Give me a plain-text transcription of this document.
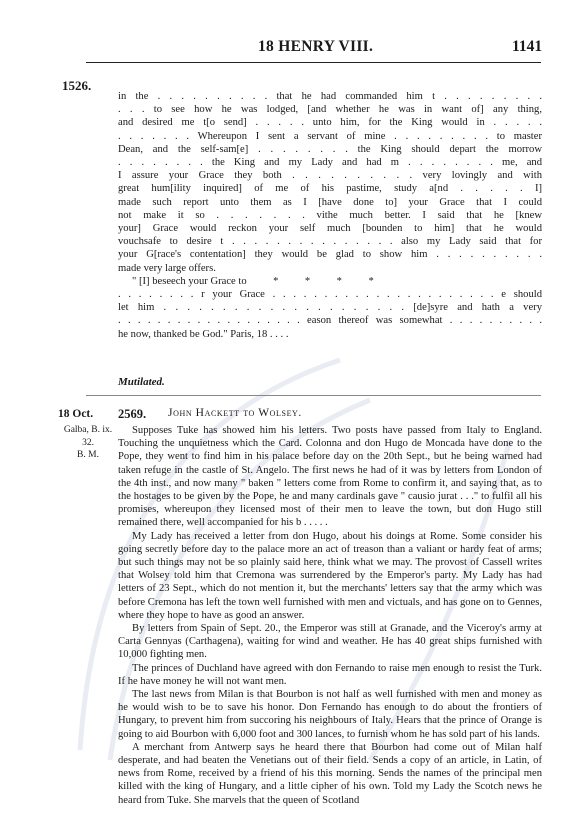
18 HENRY VIII.	1141
1526.

in the . . . . . . . . . . that he had commanded him t . . . . . . . . .

. . . to see how he was lodged, [and whether he was in want of] any thing,

and desired me t[o send] . . . . . unto him, for the King would in . . . . .

. . . . . . . Whereupon I sent a servant of mine . . . . . . . . . to master

Dean, and the self-sam[e] . . . . . . . . the King should depart the morrow

. . . . . . . . the King and my Lady and had m . . . . . . . . me, and

I assure your Grace they both . . . . . . . . . . very lovingly and with

great hum[ility inquired] of me of his pastime, study a[nd . . . . . I]

made such report unto them as I [have done to] your Grace that I could

not make it so . . . . . . . vithe much better. I said that he [knew

your] Grace would reckon your self much [bounden to him] that he would

vouchsafe to desire t . . . . . . . . . . . . . . . also my Lady said that for

your G[race's contentation] they would be glad to show him . . . . . . . . . .

made very large offers.

" [I] beseech your Grace to          *          *          *          *

. . . . . . . . r your Grace . . . . . . . . . . . . . . . . . . . . . . e should

let him . . . . . . . . . . . . . . . . . . . . . [de]syre and hath a very

. . . . . . . . . . . . . . . . . . . eason thereof was somewhat . . . . . . . . . .

he now, thanked be God." Paris, 18 . . . .

Mutilated.
18 Oct.
Galba, B. ix.
32.
B. M.
2569. John Hackett to Wolsey.

Supposes Tuke has showed him his letters. Two posts have passed from Italy to England. Touching the unquietness which the Card. Colonna and don Hugo de Moncada have done to the Pope, they went to find him in his palace before day on the 20th Sept., but he being warned had taken refuge in the castle of St. Angelo. The first news he had of it was by letters from London of the 4th inst., and now many " baken " letters come from Rome to confirm it, and saying that, as to the hostages to be given by the Pope, he and many cardinals gave " causio jurat . . ." to fulfil all his promises, whereupon they licensed most of their men to leave the town, but don Hugo still remained there, well accompanied for his b . . . . .

My Lady has received a letter from don Hugo, about his doings at Rome. Some consider his going secretly before day to the palace more an act of treason than a valiant or hardy feat of arms; but such things may not be so plainly said here, think what we may. The provost of Cassell writes that Wolsey told him that Cremona was surrendered by the Emperor's party. My Lady has had letters of 23 Sept., which do not mention it, but the merchants' letters say that the army which was before Cremona has left the town well furnished with men and victuals, and has gone on to Gennes, where they hope to have as good an answer.

By letters from Spain of Sept. 20., the Emperor was still at Granade, and the Viceroy's army at Carta Gennyas (Carthagena), waiting for wind and weather. He has 40 great ships furnished with 10,000 fighting men.

The princes of Duchland have agreed with don Fernando to raise men enough to resist the Turk. If he have money he will not want men.

The last news from Milan is that Bourbon is not half as well furnished with men and money as he would wish to be to save his honor. Don Fernando has enough to do about the frontiers of Hungary, to prevent him from succoring his neighbours of Italy. Hears that the prince of Orange is going to aid Bourbon with 6,000 foot and 300 lances, to furnish whom he has sold part of his lands.

A merchant from Antwerp says he heard there that Bourbon had come out of Milan half desperate, and had beaten the Venetians out of their field. Sends a copy of an article, in Latin, of news from Rome, received by a friend of his this morning. Sends the names of the principal men killed with the king of Hungary, and a little cipher of his own. Told my Lady the Scotch news he heard from Tuke. She marvels that the queen of Scotland
